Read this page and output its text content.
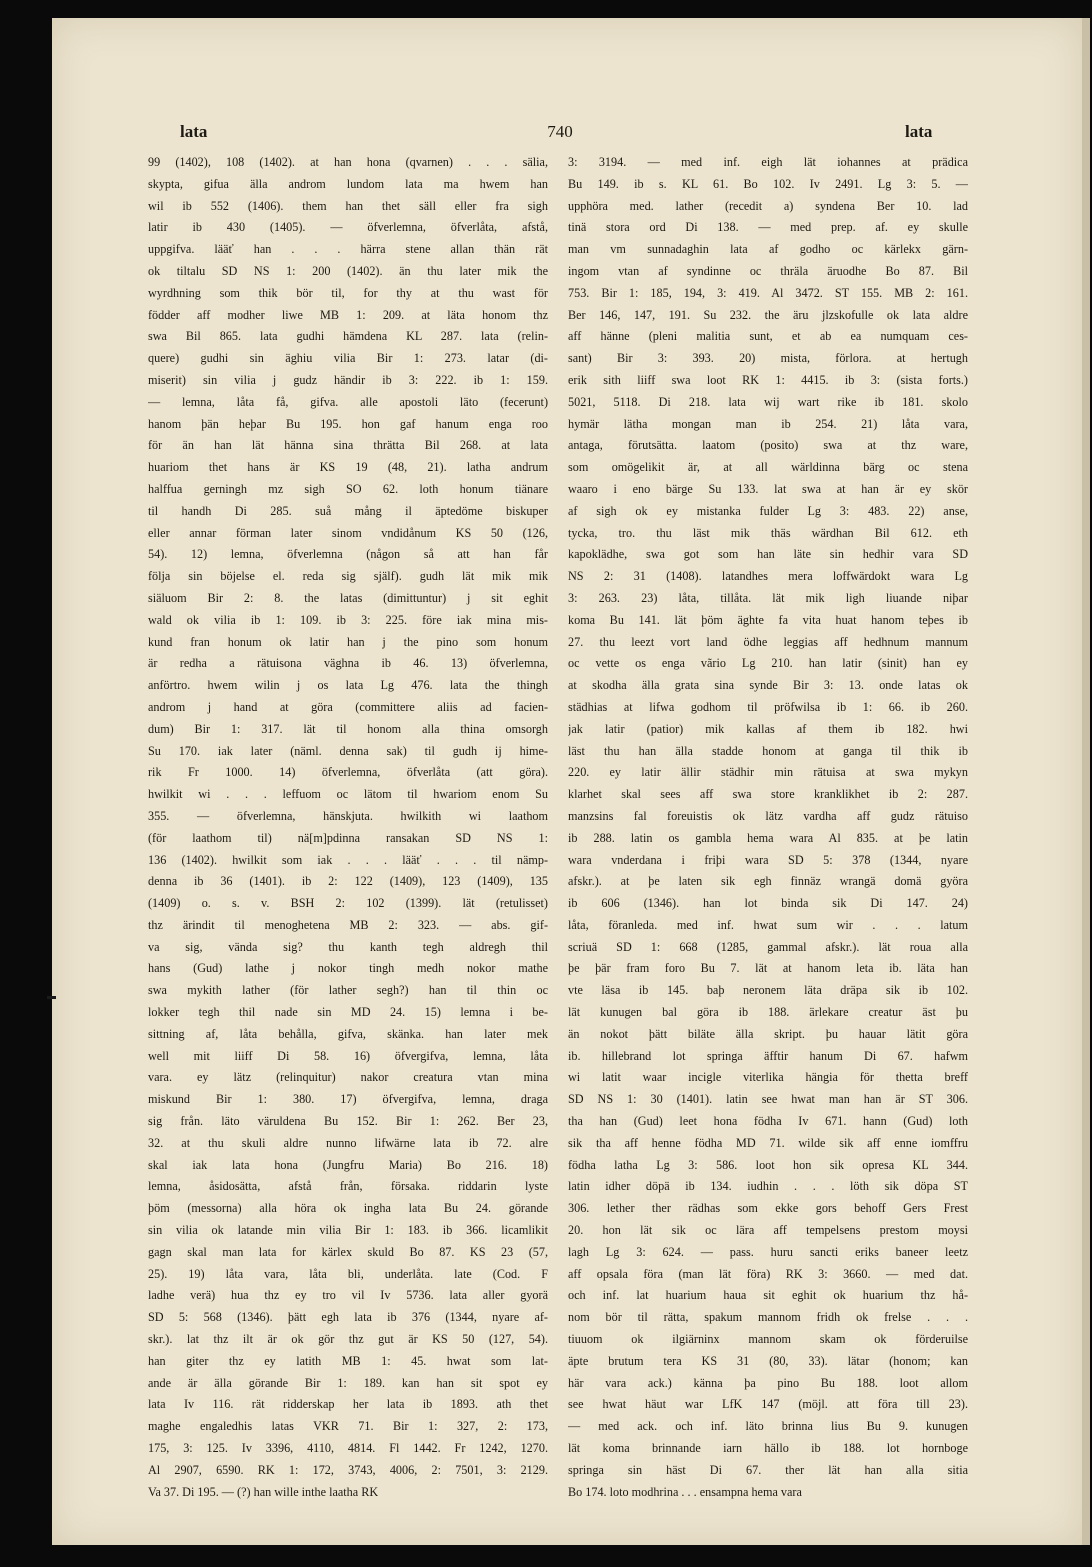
lata	740	lata
99 (1402), 108 (1402). at han hona (qvarnen) . . . sälia,
skypta, gifua älla androm lundom lata ma hwem han
wil ib 552 (1406). them han thet säll eller fra sigh
latir ib 430 (1405). — öfverlemna, öfverlåta, afstå,
uppgifva. lääť han . . . härra stene allan thän rät
ok tiltalu SD NS 1: 200 (1402). än thu later mik the
wyrdhning som thik bör til, for thy at thu wast för
födder aff modher liwe MB 1: 209. at läta honom thz
swa Bil 865. lata gudhi hämdena KL 287. lata (relin-
quere) gudhi sin äghiu vilia Bir 1: 273. latar (di-
miserit) sin vilia j gudz händir ib 3: 222. ib 1: 159.
— lemna, låta få, gifva. alle apostoli läto (fecerunt)
hanom þän heþar Bu 195. hon gaf hanum enga roo
för än han lät hänna sina thrätta Bil 268. at lata
huariom thet hans är KS 19 (48, 21). latha andrum
halffua gerningh mz sigh SO 62. loth honum tiänare
til handh Di 285. suå mång il äptedöme biskuper
eller annar förman later sinom vndidånum KS 50 (126,
54). 12) lemna, öfverlemna (någon så att han får
följa sin böjelse el. reda sig själf). gudh lät mik mik
siäluom Bir 2: 8. the latas (dimittuntur) j sit eghit
wald ok vilia ib 1: 109. ib 3: 225. före iak mina mis-
kund fran honum ok latir han j the pino som honum
är redha a rätuisona väghna ib 46. 13) öfverlemna,
anförtro. hwem wilin j os lata Lg 476. lata the thingh
androm j hand at göra (committere aliis ad facien-
dum) Bir 1: 317. lät til honom alla thina omsorgh
Su 170. iak later (näml. denna sak) til gudh ij hime-
rik Fr 1000. 14) öfverlemna, öfverlåta (att göra).
hwilkit wi . . . leffuom oc lätom til hwariom enom Su
355. — öfverlemna, hänskjuta. hwilkith wi laathom
(för laathom til) nä[m]pdinna ransakan SD NS 1:
136 (1402). hwilkit som iak . . . lääť . . . til nämp-
denna ib 36 (1401). ib 2: 122 (1409), 123 (1409), 135
(1409) o. s. v. BSH 2: 102 (1399). lät (retulisset)
thz ärindit til menoghetena MB 2: 323. — abs. gif-
va sig, vända sig? thu kanth tegh aldregh thil
hans (Gud) lathe j nokor tingh medh nokor mathe
swa mykith lather (för lather segh?) han til thin oc
lokker tegh thil nade sin MD 24. 15) lemna i be-
sittning af, låta behålla, gifva, skänka. han later mek
well mit liiff Di 58. 16) öfvergifva, lemna, låta
vara. ey lätz (relinquitur) nakor creatura vtan mina
miskund Bir 1: 380. 17) öfvergifva, lemna, draga
sig från. läto väruldena Bu 152. Bir 1: 262. Ber 23,
32. at thu skuli aldre nunno lifwärne lata ib 72. alre
skal iak lata hona (Jungfru Maria) Bo 216. 18)
lemna, åsidosätta, afstå från, försaka. riddarin lyste
þöm (messorna) alla höra ok ingha lata Bu 24. görande
sin vilia ok latande min vilia Bir 1: 183. ib 366. licamlikit
gagn skal man lata for kärlex skuld Bo 87. KS 23 (57,
25). 19) låta vara, låta bli, underlåta. late (Cod. F
ladhe verä) hua thz ey tro vil Iv 5736. lata aller gyorä
SD 5: 568 (1346). þätt egh lata ib 376 (1344, nyare af-
skr.). lat thz ilt är ok gör thz gut är KS 50 (127, 54).
han giter thz ey latith MB 1: 45. hwat som lat-
ande är älla görande Bir 1: 189. kan han sit spot ey
lata Iv 116. rät ridderskap her lata ib 1893. ath thet
maghe engaledhis latas VKR 71. Bir 1: 327, 2: 173,
175, 3: 125. Iv 3396, 4110, 4814. Fl 1442. Fr 1242, 1270.
Al 2907, 6590. RK 1: 172, 3743, 4006, 2: 7501, 3: 2129.
Va 37. Di 195. — (?) han wille inthe laatha RK
3: 3194. — med inf. eigh lät iohannes at prädica
Bu 149. ib s. KL 61. Bo 102. Iv 2491. Lg 3: 5. —
upphöra med. lather (recedit a) syndena Ber 10. lad
tinä stora ord Di 138. — med prep. af. ey skulle
man vm sunnadaghin lata af godho oc kärlekx gärn-
ingom vtan af syndinne oc thräla äruodhe Bo 87. Bil
753. Bir 1: 185, 194, 3: 419. Al 3472. ST 155. MB 2: 161.
Ber 146, 147, 191. Su 232. the äru jlzskofulle ok lata aldre
aff hänne (pleni malitia sunt, et ab ea numquam ces-
sant) Bir 3: 393. 20) mista, förlora. at hertugh
erik sith liiff swa loot RK 1: 4415. ib 3: (sista forts.)
5021, 5118. Di 218. lata wij wart rike ib 181. skolo
hymär lätha mongan man ib 254. 21) låta vara,
antaga, förutsätta. laatom (posito) swa at thz ware,
som omögelikit är, at all wärldinna bärg oc stena
waaro i eno bärge Su 133. lat swa at han är ey skör
af sigh ok ey mistanka fulder Lg 3: 483. 22) anse,
tycka, tro. thu läst mik thäs wärdhan Bil 612. eth
kapoklädhe, swa got som han läte sin hedhir vara SD
NS 2: 31 (1408). latandhes mera loffwärdokt wara Lg
3: 263. 23) låta, tillåta. lät mik ligh liuande niþar
koma Bu 141. lät þöm äghte fa vita huat hanom teþes ib
27. thu leezt vort land ödhe leggias aff hedhnum mannum
oc vette os enga vãrio Lg 210. han latir (sinit) han ey
at skodha älla grata sina synde Bir 3: 13. onde latas ok
städhias at lifwa godhom til pröfwilsa ib 1: 66. ib 260.
jak latir (patior) mik kallas af them ib 182. hwi
läst thu han älla stadde honom at ganga til thik ib
220. ey latir ällir städhir min rätuisa at swa mykyn
klarhet skal sees aff swa store kranklikhet ib 2: 287.
manzsins fal foreuistis ok lätz vardha aff gudz rätuiso
ib 288. latin os gambla hema wara Al 835. at þe latin
wara vnderdana i friþi wara SD 5: 378 (1344, nyare
afskr.). at þe laten sik egh finnäz wrangä domä györa
ib 606 (1346). han lot binda sik Di 147. 24)
låta, föranleda. med inf. hwat sum wir . . . latum
scriuä SD 1: 668 (1285, gammal afskr.). lät roua alla
þe þär fram foro Bu 7. lät at hanom leta ib. läta han
vte läsa ib 145. baþ neronem läta dräpa sik ib 102.
lät kunugen bal göra ib 188. ärlekare creatur äst þu
än nokot þätt biläte älla skript. þu hauar lätit göra
ib. hillebrand lot springa äfftir hanum Di 67. hafwm
wi latit waar incigle viterlika hängia för thetta breff
SD NS 1: 30 (1401). latin see hwat man han är ST 306.
tha han (Gud) leet hona födha Iv 671. hann (Gud) loth
sik tha aff henne födha MD 71. wilde sik aff enne iomffru
födha latha Lg 3: 586. loot hon sik opresa KL 344.
latin idher döpä ib 134. iudhin . . . löth sik döpa ST
306. lether ther rädhas som ekke gors behoff Gers Frest
20. hon lät sik oc lära aff tempelsens prestom moysi
lagh Lg 3: 624. — pass. huru sancti eriks baneer leetz
aff opsala föra (man lät föra) RK 3: 3660. — med dat.
och inf. lat huarium haua sit eghit ok huarium thz hå-
nom bör til rätta, spakum mannom fridh ok frelse . . .
tiuuom ok ilgiärninx mannom skam ok förderuilse
äpte brutum tera KS 31 (80, 33). lätar (honom; kan
här vara ack.) känna þa pino Bu 188. loot allom
see hwat häut war LfK 147 (möjl. att föra till 23).
— med ack. och inf. läto brinna lius Bu 9. kunugen
lät koma brinnande iarn hällo ib 188. lot hornboge
springa sin häst Di 67. ther lät han alla sitia
Bo 174. loto modhrina . . . ensampna hema vara
